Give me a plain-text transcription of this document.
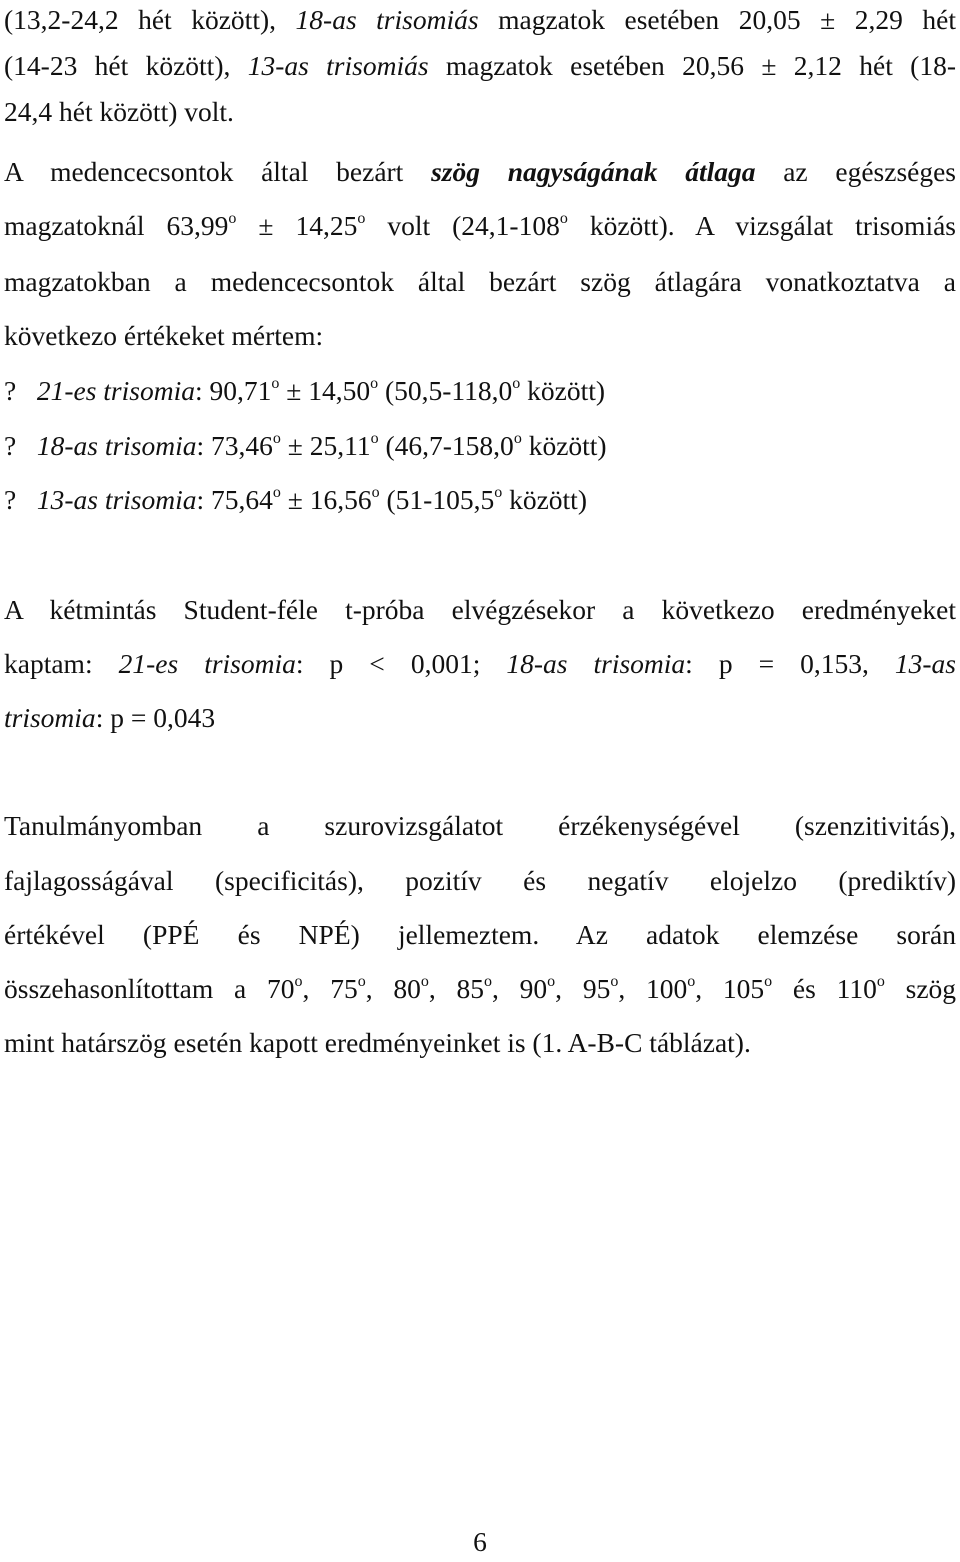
(13,2-24,2 hét között), 18-as trisomiás magzatok esetében 20,05 ± 2,29 hét
(14-23 hét között), 13-as trisomiás magzatok esetében 20,56 ± 2,12 hét (18-
24,4 hét között) volt.
A medencecsontok által bezárt szög nagyságának átlaga az egészséges
magzatoknál $63,99^o \pm 14,25^o$ volt (24,1-108$^o$ között). A vizsgálat trisomiás
magzatokban a medencecsontok által bezárt szög átlagára vonatkoztatva a
következo értékeket mértem:
? 21-es trisomia: $90,71^o \pm 14,50^o$ (50,5-118,0$^o$ között)
? 18-as trisomia: $73,46^o \pm 25,11^o$ (46,7-158,0$^o$ között)
? 13-as trisomia: $75,64^o \pm 16,56^o$ (51-105,5$^o$ között)
A kétmintás Student-féle t-próba elvégzésekor a következo eredményeket
kaptam: 21-es trisomia: p < 0,001; 18-as trisomia: p = 0,153, 13-as
trisomia: p = 0,043
Tanulmányomban a szurovizsgálatot érzékenységével (szenzitivitás),
fajlagosságával (specificitás), pozitív és negatív elojelzo (prediktív)
értékével (PPÉ és NPÉ) jellemeztem. Az adatok elemzése során
összehasonlítottam a 70$^o$, 75$^o$, 80$^o$, 85$^o$, 90$^o$, 95$^o$, 100$^o$, 105$^o$ és 110$^o$ szög
mint határszög esetén kapott eredményeinket is (1. A-B-C táblázat).
6
